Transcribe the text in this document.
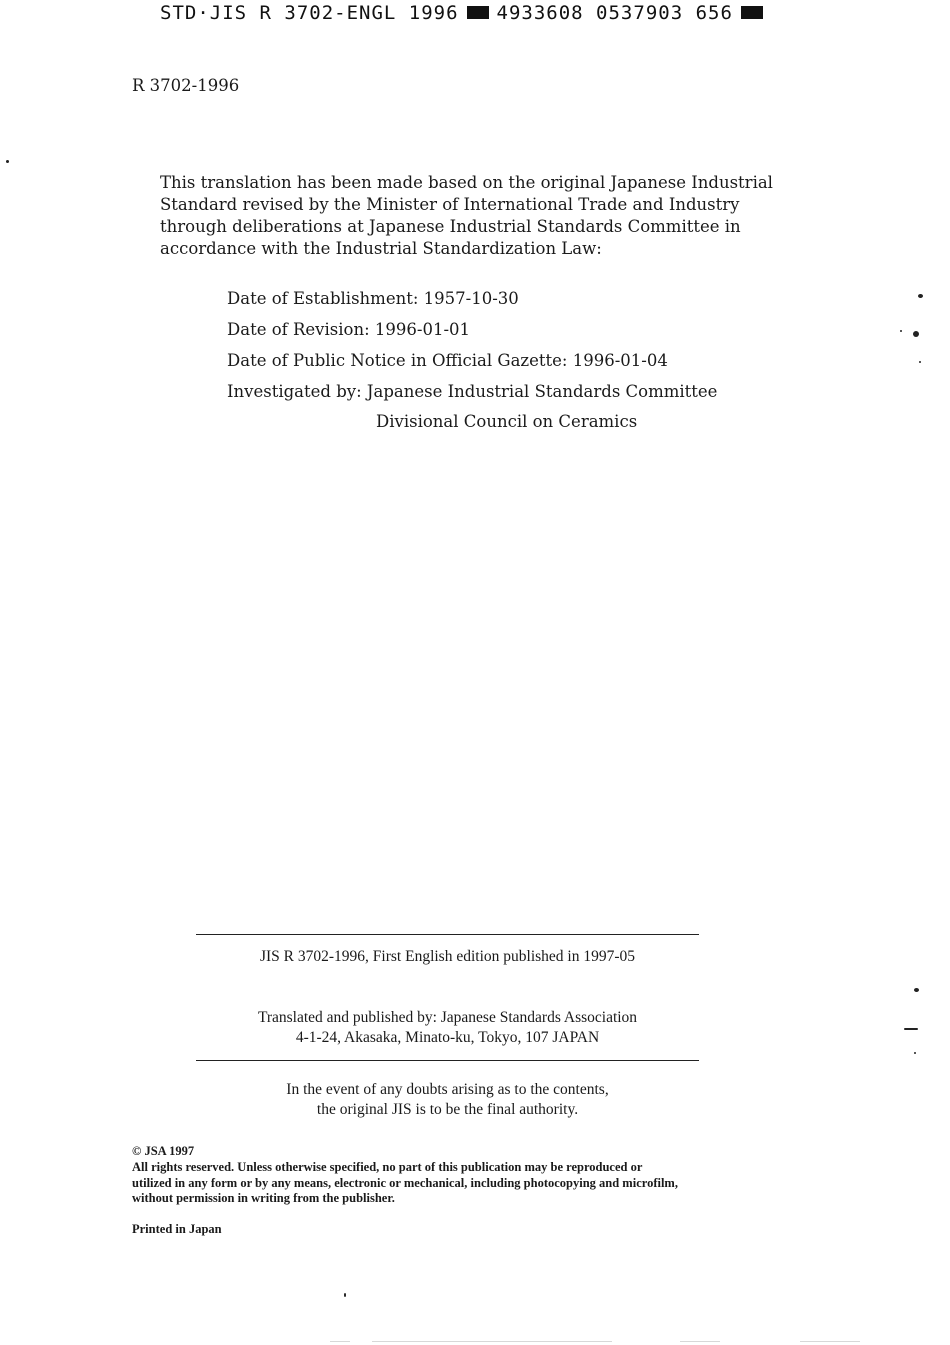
STD·JIS R 3702-ENGL 1996 4933608 0537903 656
R 3702-1996

This translation has been made based on the original Japanese Industrial Standard revised by the Minister of International Trade and Industry through deliberations at Japanese Industrial Standards Committee in accordance with the Industrial Standardization Law:

Date of Establishment: 1957-10-30
Date of Revision: 1996-01-01
Date of Public Notice in Official Gazette: 1996-01-04
Investigated by: Japanese Industrial Standards Committee
Divisional Council on Ceramics
JIS R 3702-1996, First English edition published in 1997-05
Translated and published by: Japanese Standards Association
4-1-24, Akasaka, Minato-ku, Tokyo, 107 JAPAN
In the event of any doubts arising as to the contents,
the original JIS is to be the final authority.
© JSA 1997
All rights reserved. Unless otherwise specified, no part of this publication may be reproduced or
utilized in any form or by any means, electronic or mechanical, including photocopying and microfilm,
without permission in writing from the publisher.
Printed in Japan
